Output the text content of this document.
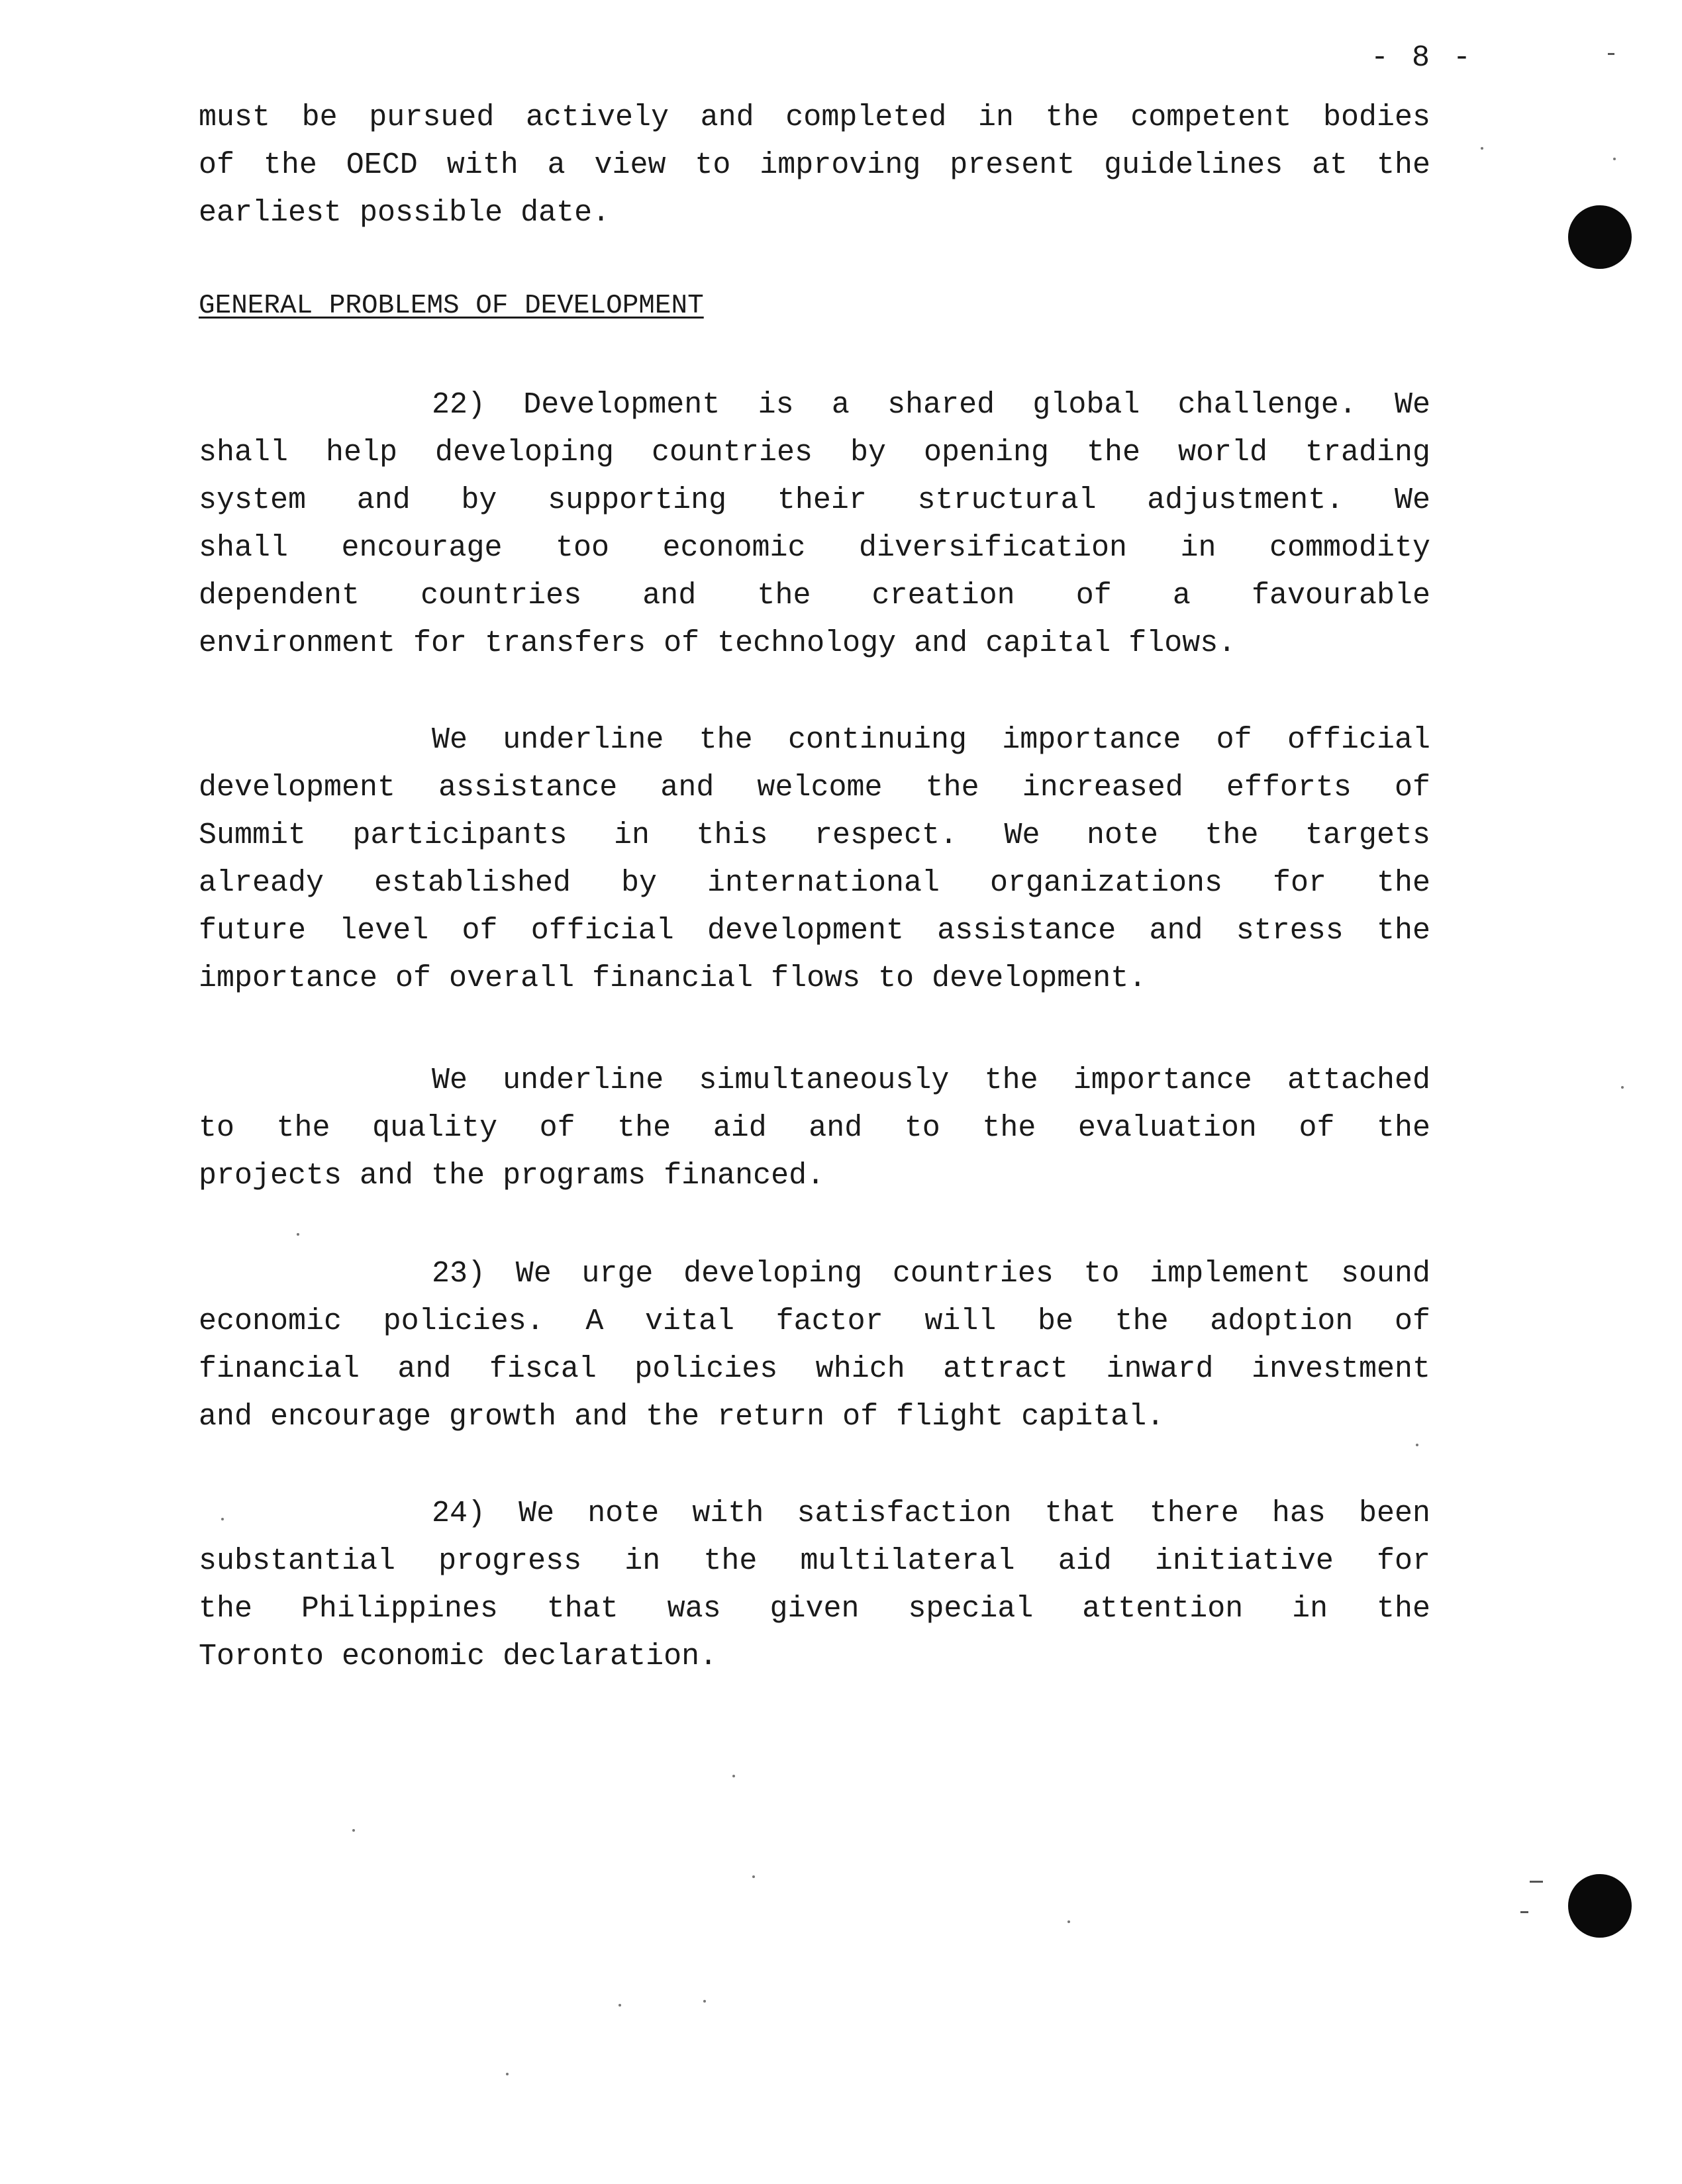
- 8 -
must be pursued actively and completed in the competent bodies
of the OECD with a view to improving present guidelines at the
earliest possible date.
GENERAL PROBLEMS OF DEVELOPMENT
22) Development is a shared global challenge. We
shall help developing countries by opening the world trading
system and by supporting their structural adjustment. We
shall encourage too economic diversification in commodity
dependent countries and the creation of a favourable
environment for transfers of technology and capital flows.
We underline the continuing importance of official
development assistance and welcome the increased efforts of
Summit participants in this respect. We note the targets
already established by international organizations for the
future level of official development assistance and stress the
importance of overall financial flows to development.
We underline simultaneously the importance attached
to the quality of the aid and to the evaluation of the
projects and the programs financed.
23) We urge developing countries to implement sound
economic policies. A vital factor will be the adoption of
financial and fiscal policies which attract inward investment
and encourage growth and the return of flight capital.
24) We note with satisfaction that there has been
substantial progress in the multilateral aid initiative for
the Philippines that was given special attention in the
Toronto economic declaration.
